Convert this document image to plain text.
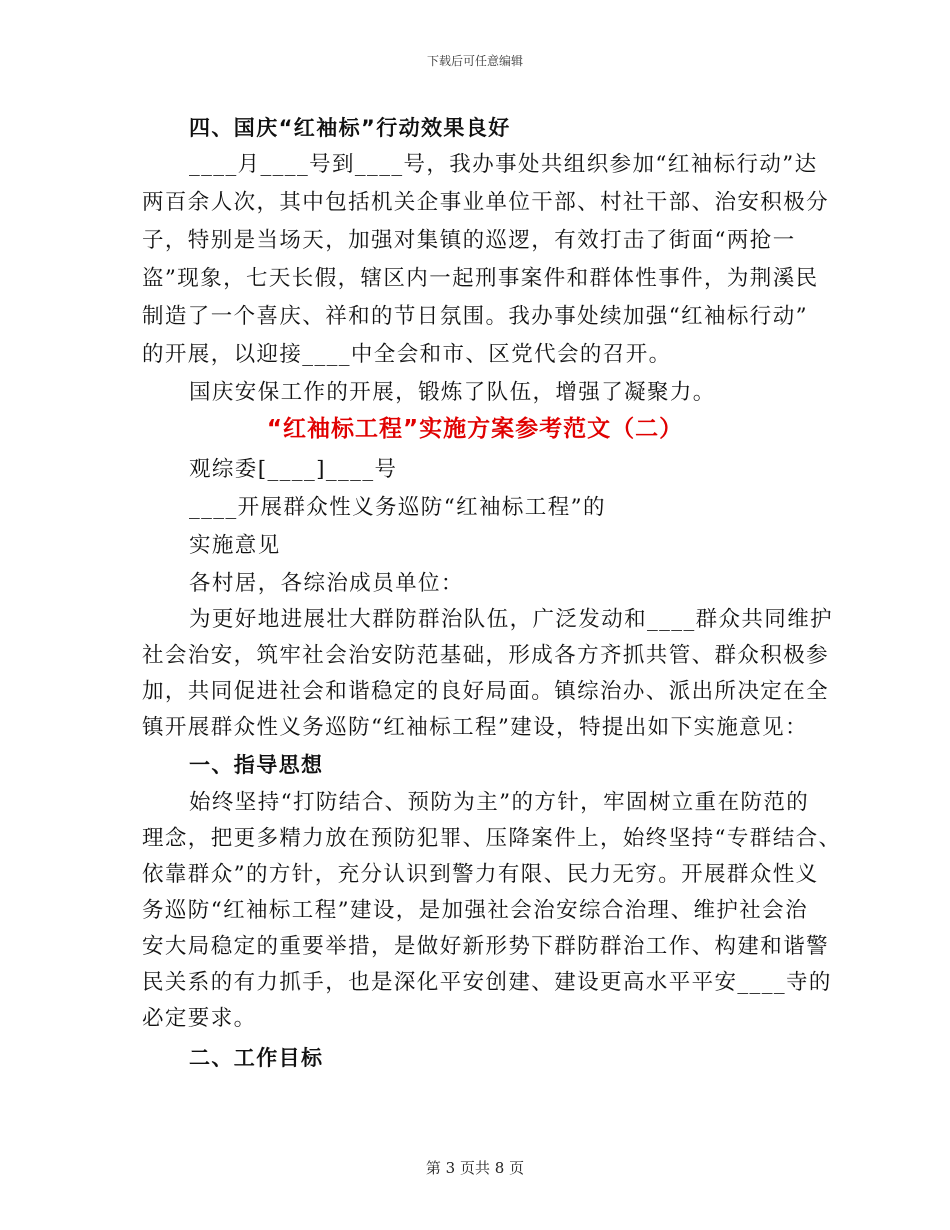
下载后可任意编辑
四、国庆“红袖标”行动效果良好
____月____号到____号，我办事处共组织参加“红袖标行动”达
两百余人次，其中包括机关企事业单位干部、村社干部、治安积极分
子，特别是当场天，加强对集镇的巡逻，有效打击了街面“两抢一
盗”现象，七天长假，辖区内一起刑事案件和群体性事件，为荆溪民
制造了一个喜庆、祥和的节日氛围。我办事处续加强“红袖标行动”
的开展，以迎接____中全会和市、区党代会的召开。
国庆安保工作的开展，锻炼了队伍，增强了凝聚力。
“红袖标工程”实施方案参考范文（二）
观综委[____]____号
____开展群众性义务巡防“红袖标工程”的
实施意见
各村居，各综治成员单位：
为更好地进展壮大群防群治队伍，广泛发动和____群众共同维护
社会治安，筑牢社会治安防范基础，形成各方齐抓共管、群众积极参
加，共同促进社会和谐稳定的良好局面。镇综治办、派出所决定在全
镇开展群众性义务巡防“红袖标工程”建设，特提出如下实施意见：
一、指导思想
始终坚持“打防结合、预防为主”的方针，牢固树立重在防范的
理念，把更多精力放在预防犯罪、压降案件上，始终坚持“专群结合、
依靠群众”的方针，充分认识到警力有限、民力无穷。开展群众性义
务巡防“红袖标工程”建设，是加强社会治安综合治理、维护社会治
安大局稳定的重要举措，是做好新形势下群防群治工作、构建和谐警
民关系的有力抓手，也是深化平安创建、建设更高水平平安____寺的
必定要求。
二、工作目标
第 3 页共 8 页
